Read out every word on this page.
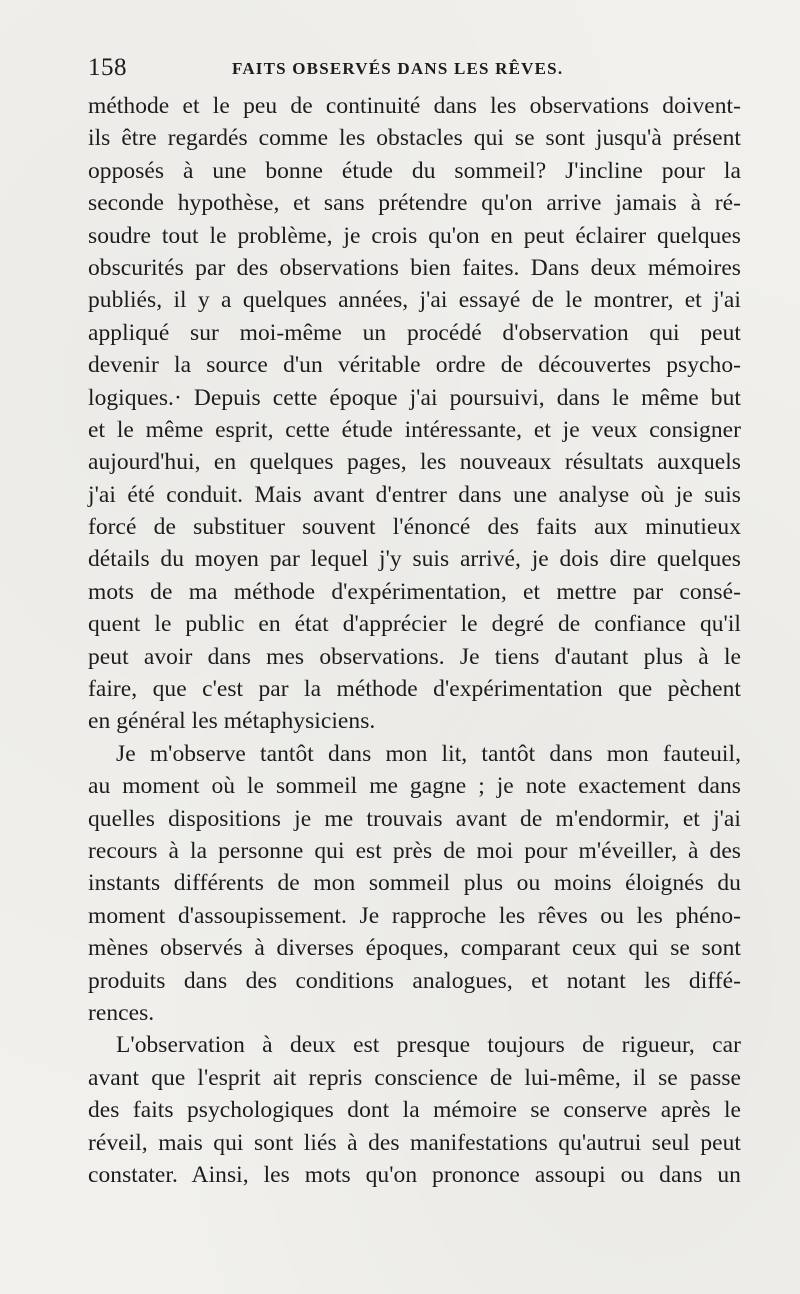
158	FAITS OBSERVÉS DANS LES RÊVES.
méthode et le peu de continuité dans les observations doivent-
ils être regardés comme les obstacles qui se sont jusqu'à présent
opposés à une bonne étude du sommeil? J'incline pour la
seconde hypothèse, et sans prétendre qu'on arrive jamais à ré-
soudre tout le problème, je crois qu'on en peut éclairer quelques
obscurités par des observations bien faites. Dans deux mémoires
publiés, il y a quelques années, j'ai essayé de le montrer, et j'ai
appliqué sur moi-même un procédé d'observation qui peut
devenir la source d'un véritable ordre de découvertes psycho-
logiques.· Depuis cette époque j'ai poursuivi, dans le même but
et le même esprit, cette étude intéressante, et je veux consigner
aujourd'hui, en quelques pages, les nouveaux résultats auxquels
j'ai été conduit. Mais avant d'entrer dans une analyse où je suis
forcé de substituer souvent l'énoncé des faits aux minutieux
détails du moyen par lequel j'y suis arrivé, je dois dire quelques
mots de ma méthode d'expérimentation, et mettre par consé-
quent le public en état d'apprécier le degré de confiance qu'il
peut avoir dans mes observations. Je tiens d'autant plus à le
faire, que c'est par la méthode d'expérimentation que pèchent
en général les métaphysiciens.
Je m'observe tantôt dans mon lit, tantôt dans mon fauteuil,
au moment où le sommeil me gagne ; je note exactement dans
quelles dispositions je me trouvais avant de m'endormir, et j'ai
recours à la personne qui est près de moi pour m'éveiller, à des
instants différents de mon sommeil plus ou moins éloignés du
moment d'assoupissement. Je rapproche les rêves ou les phéno-
mènes observés à diverses époques, comparant ceux qui se sont
produits dans des conditions analogues, et notant les diffé-
rences.
L'observation à deux est presque toujours de rigueur, car
avant que l'esprit ait repris conscience de lui-même, il se passe
des faits psychologiques dont la mémoire se conserve après le
réveil, mais qui sont liés à des manifestations qu'autrui seul peut
constater. Ainsi, les mots qu'on prononce assoupi ou dans un
